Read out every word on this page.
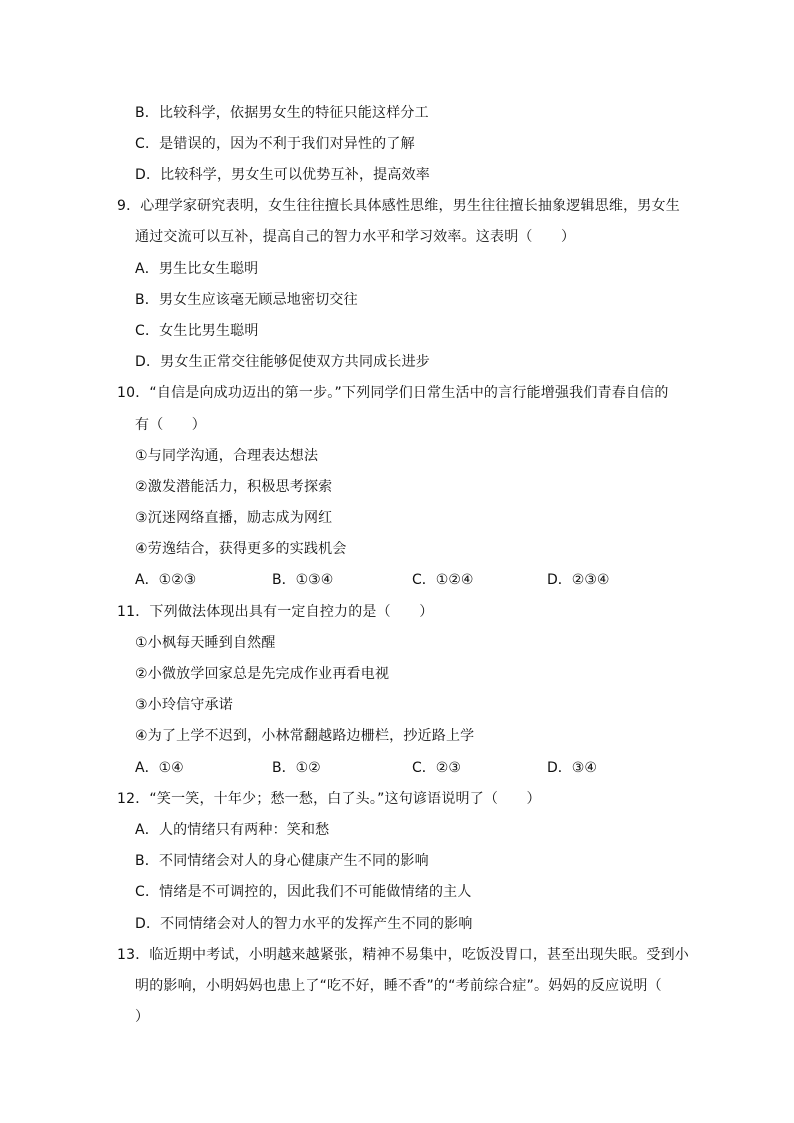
B．比较科学，依据男女生的特征只能这样分工
C．是错误的，因为不利于我们对异性的了解
D．比较科学，男女生可以优势互补，提高效率
9．心理学家研究表明，女生往往擅长具体感性思维，男生往往擅长抽象逻辑思维，男女生
通过交流可以互补，提高自己的智力水平和学习效率。这表明（　　）
A．男生比女生聪明
B．男女生应该毫无顾忌地密切交往
C．女生比男生聪明
D．男女生正常交往能够促使双方共同成长进步
10．“自信是向成功迈出的第一步。”下列同学们日常生活中的言行能增强我们青春自信的
有（　　）
①与同学沟通，合理表达想法
②激发潜能活力，积极思考探索
③沉迷网络直播，励志成为网红
④劳逸结合，获得更多的实践机会
A．①②③	B．①③④	C．①②④	D．②③④
11．下列做法体现出具有一定自控力的是（　　）
①小枫每天睡到自然醒
②小微放学回家总是先完成作业再看电视
③小玲信守承诺
④为了上学不迟到，小林常翻越路边栅栏，抄近路上学
A．①④	B．①②	C．②③	D．③④
12．“笑一笑，十年少；愁一愁，白了头。”这句谚语说明了（　　）
A．人的情绪只有两种：笑和愁
B．不同情绪会对人的身心健康产生不同的影响
C．情绪是不可调控的，因此我们不可能做情绪的主人
D．不同情绪会对人的智力水平的发挥产生不同的影响
13．临近期中考试，小明越来越紧张，精神不易集中，吃饭没胃口，甚至出现失眠。受到小
明的影响，小明妈妈也患上了“吃不好，睡不香”的“考前综合症”。妈妈的反应说明（
）
